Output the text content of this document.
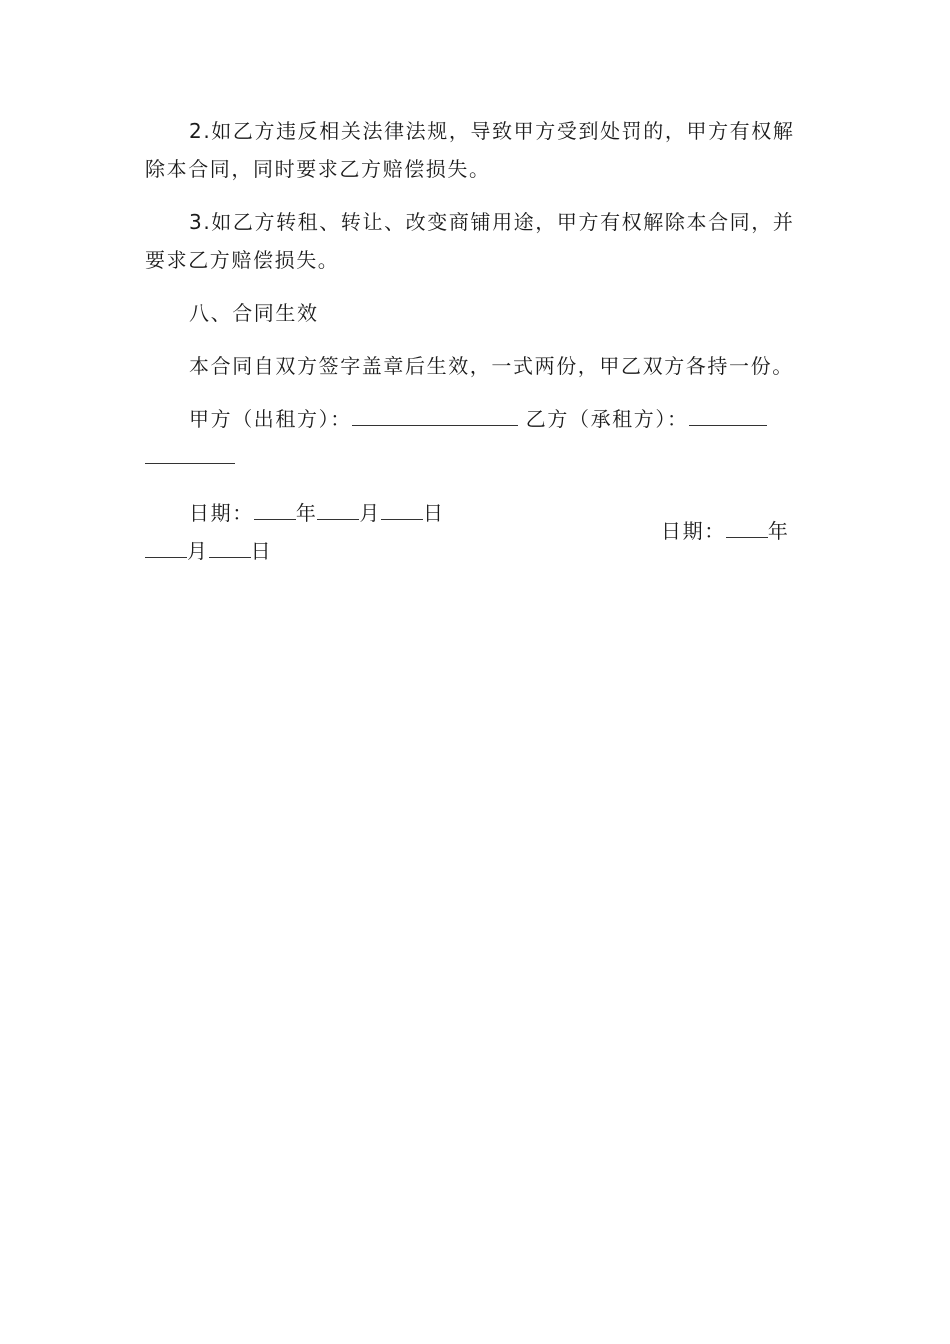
2.如乙方违反相关法律法规，导致甲方受到处罚的，甲方有权解除本合同，同时要求乙方赔偿损失。

3.如乙方转租、转让、改变商铺用途，甲方有权解除本合同，并要求乙方赔偿损失。

八、合同生效

本合同自双方签字盖章后生效，一式两份，甲乙双方各持一份。

甲方（出租方）：	乙方（承租方）：

日期： 年 月 日
日期： 年
月 日
